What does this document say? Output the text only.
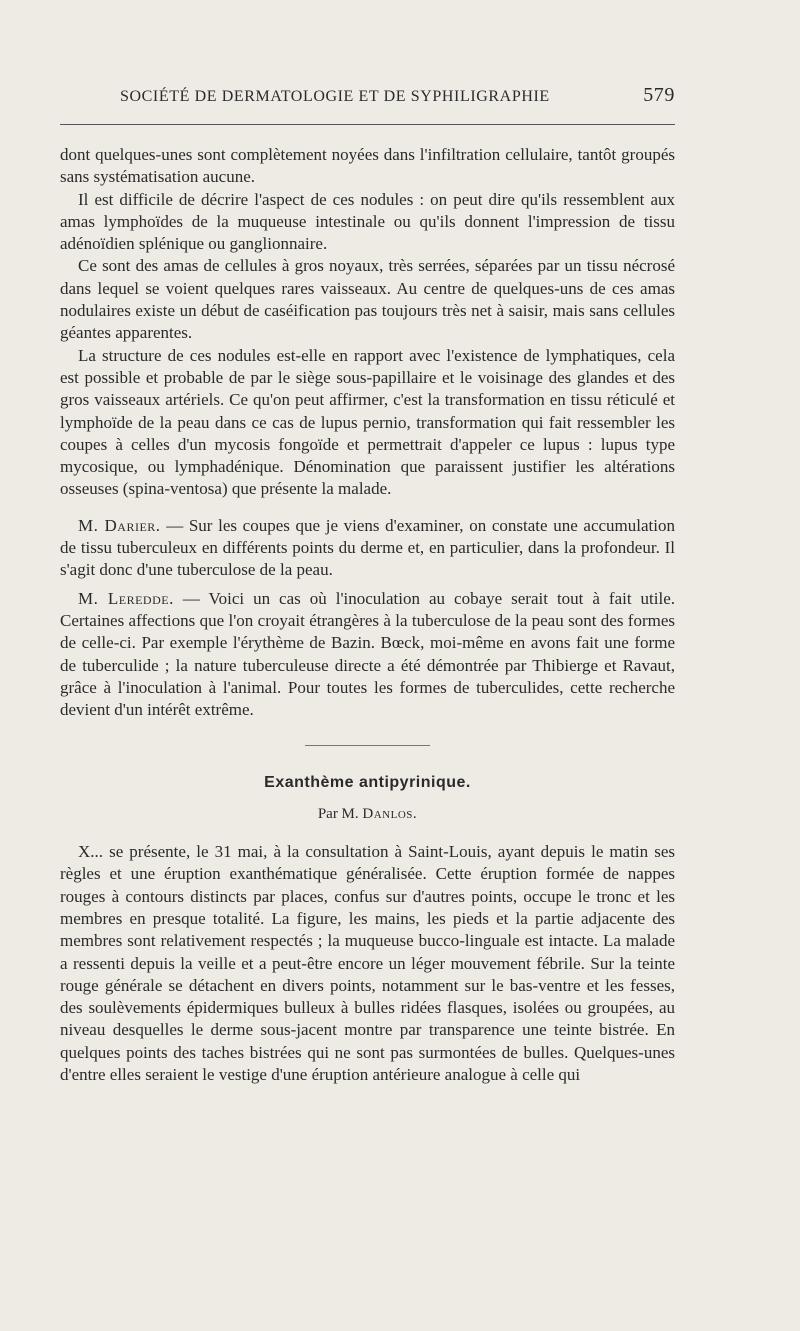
SOCIÉTÉ DE DERMATOLOGIE ET DE SYPHILIGRAPHIE	579

dont quelques-unes sont complètement noyées dans l'infiltration cellulaire, tantôt groupés sans systématisation aucune.

Il est difficile de décrire l'aspect de ces nodules : on peut dire qu'ils ressemblent aux amas lymphoïdes de la muqueuse intestinale ou qu'ils donnent l'impression de tissu adénoïdien splénique ou ganglionnaire.

Ce sont des amas de cellules à gros noyaux, très serrées, séparées par un tissu nécrosé dans lequel se voient quelques rares vaisseaux. Au centre de quelques-uns de ces amas nodulaires existe un début de caséification pas toujours très net à saisir, mais sans cellules géantes apparentes.

La structure de ces nodules est-elle en rapport avec l'existence de lymphatiques, cela est possible et probable de par le siège sous-papillaire et le voisinage des glandes et des gros vaisseaux artériels. Ce qu'on peut affirmer, c'est la transformation en tissu réticulé et lymphoïde de la peau dans ce cas de lupus pernio, transformation qui fait ressembler les coupes à celles d'un mycosis fongoïde et permettrait d'appeler ce lupus : lupus type mycosique, ou lymphadénique. Dénomination que paraissent justifier les altérations osseuses (spina-ventosa) que présente la malade.

M. Darier. — Sur les coupes que je viens d'examiner, on constate une accumulation de tissu tuberculeux en différents points du derme et, en particulier, dans la profondeur. Il s'agit donc d'une tuberculose de la peau.

M. Leredde. — Voici un cas où l'inoculation au cobaye serait tout à fait utile. Certaines affections que l'on croyait étrangères à la tuberculose de la peau sont des formes de celle-ci. Par exemple l'érythème de Bazin. Bœck, moi-même en avons fait une forme de tuberculide ; la nature tuberculeuse directe a été démontrée par Thibierge et Ravaut, grâce à l'inoculation à l'animal. Pour toutes les formes de tuberculides, cette recherche devient d'un intérêt extrême.

Exanthème antipyrinique.
Par M. Danlos.

X... se présente, le 31 mai, à la consultation à Saint-Louis, ayant depuis le matin ses règles et une éruption exanthématique généralisée. Cette éruption formée de nappes rouges à contours distincts par places, confus sur d'autres points, occupe le tronc et les membres en presque totalité. La figure, les mains, les pieds et la partie adjacente des membres sont relativement respectés ; la muqueuse bucco-linguale est intacte. La malade a ressenti depuis la veille et a peut-être encore un léger mouvement fébrile. Sur la teinte rouge générale se détachent en divers points, notamment sur le bas-ventre et les fesses, des soulèvements épidermiques bulleux à bulles ridées flasques, isolées ou groupées, au niveau desquelles le derme sous-jacent montre par transparence une teinte bistrée. En quelques points des taches bistrées qui ne sont pas surmontées de bulles. Quelques-unes d'entre elles seraient le vestige d'une éruption antérieure analogue à celle qui
